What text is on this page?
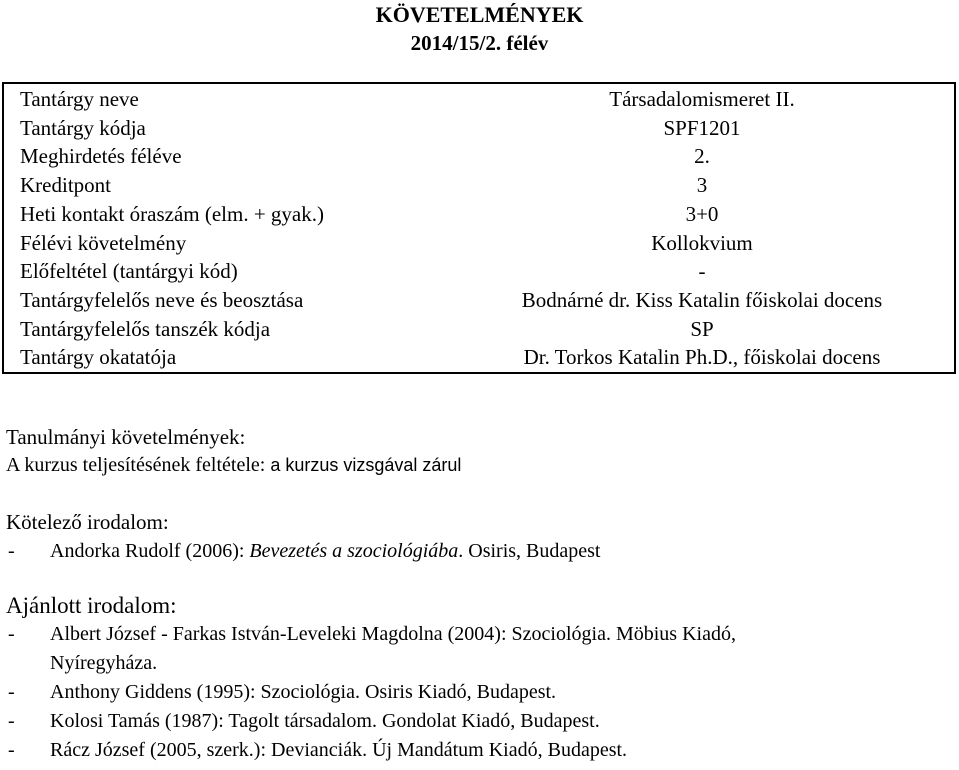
KÖVETELMÉNYEK
2014/15/2. félév
Tantárgy neve	Társadalomismeret II.
Tantárgy kódja	SPF1201
Meghirdetés féléve	2.
Kreditpont	3
Heti kontakt óraszám (elm. + gyak.)	3+0
Félévi követelmény	Kollokvium
Előfeltétel (tantárgyi kód)	-
Tantárgyfelelős neve és beosztása	Bodnárné dr. Kiss Katalin főiskolai docens
Tantárgyfelelős tanszék kódja	SP
Tantárgy okatatója	Dr. Torkos Katalin Ph.D., főiskolai docens
Tanulmányi követelmények:
A kurzus teljesítésének feltétele: a kurzus vizsgával zárul
Kötelező irodalom:
- Andorka Rudolf (2006): Bevezetés a szociológiába. Osiris, Budapest
Ajánlott irodalom:
- Albert József - Farkas István-Leveleki Magdolna (2004): Szociológia. Möbius Kiadó,
Nyíregyháza.
- Anthony Giddens (1995): Szociológia. Osiris Kiadó, Budapest.
- Kolosi Tamás (1987): Tagolt társadalom. Gondolat Kiadó, Budapest.
- Rácz József (2005, szerk.): Devianciák. Új Mandátum Kiadó, Budapest.
